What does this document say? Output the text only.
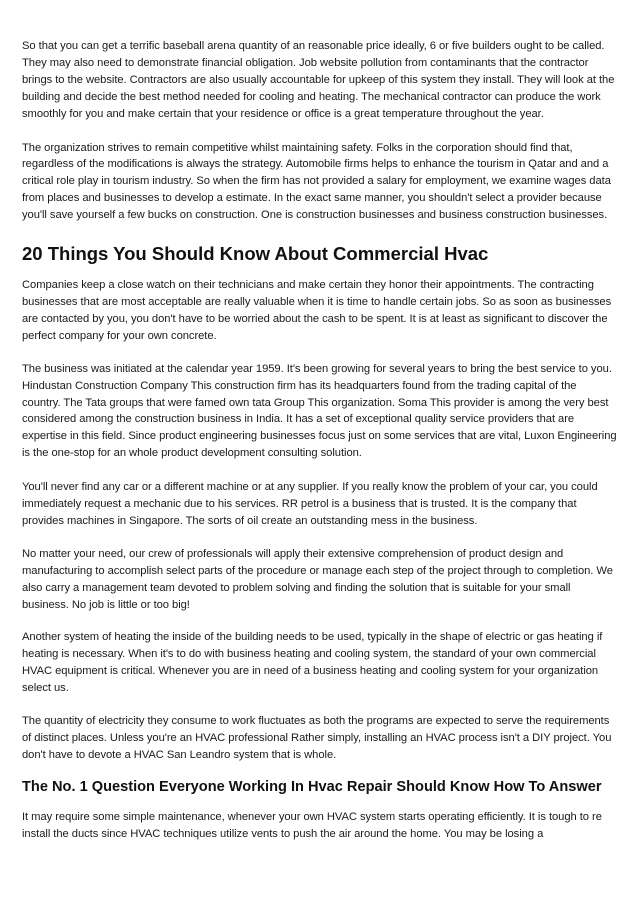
So that you can get a terrific baseball arena quantity of an reasonable price ideally, 6 or five builders ought to be called. They may also need to demonstrate financial obligation. Job website pollution from contaminants that the contractor brings to the website. Contractors are also usually accountable for upkeep of this system they install. They will look at the building and decide the best method needed for cooling and heating. The mechanical contractor can produce the work smoothly for you and make certain that your residence or office is a great temperature throughout the year.

The organization strives to remain competitive whilst maintaining safety. Folks in the corporation should find that, regardless of the modifications is always the strategy. Automobile firms helps to enhance the tourism in Qatar and and a critical role play in tourism industry. So when the firm has not provided a salary for employment, we examine wages data from places and businesses to develop a estimate. In the exact same manner, you shouldn't select a provider because you'll save yourself a few bucks on construction. One is construction businesses and business construction businesses.

20 Things You Should Know About Commercial Hvac

Companies keep a close watch on their technicians and make certain they honor their appointments. The contracting businesses that are most acceptable are really valuable when it is time to handle certain jobs. So as soon as businesses are contacted by you, you don't have to be worried about the cash to be spent. It is at least as significant to discover the perfect company for your own concrete.

The business was initiated at the calendar year 1959. It's been growing for several years to bring the best service to you. Hindustan Construction Company This construction firm has its headquarters found from the trading capital of the country. The Tata groups that were famed own tata Group This organization. Soma This provider is among the very best considered among the construction business in India. It has a set of exceptional quality service providers that are expertise in this field. Since product engineering businesses focus just on some services that are vital, Luxon Engineering is the one-stop for an whole product development consulting solution.

You'll never find any car or a different machine or at any supplier. If you really know the problem of your car, you could immediately request a mechanic due to his services. RR petrol is a business that is trusted. It is the company that provides machines in Singapore. The sorts of oil create an outstanding mess in the business.

No matter your need, our crew of professionals will apply their extensive comprehension of product design and manufacturing to accomplish select parts of the procedure or manage each step of the project through to completion. We also carry a management team devoted to problem solving and finding the solution that is suitable for your small business. No job is little or too big!

Another system of heating the inside of the building needs to be used, typically in the shape of electric or gas heating if heating is necessary. When it's to do with business heating and cooling system, the standard of your own commercial HVAC equipment is critical. Whenever you are in need of a business heating and cooling system for your organization select us.

The quantity of electricity they consume to work fluctuates as both the programs are expected to serve the requirements of distinct places. Unless you're an HVAC professional Rather simply, installing an HVAC process isn't a DIY project. You don't have to devote a HVAC San Leandro system that is whole.

The No. 1 Question Everyone Working In Hvac Repair Should Know How To Answer

It may require some simple maintenance, whenever your own HVAC system starts operating efficiently. It is tough to re install the ducts since HVAC techniques utilize vents to push the air around the home. You may be losing a
